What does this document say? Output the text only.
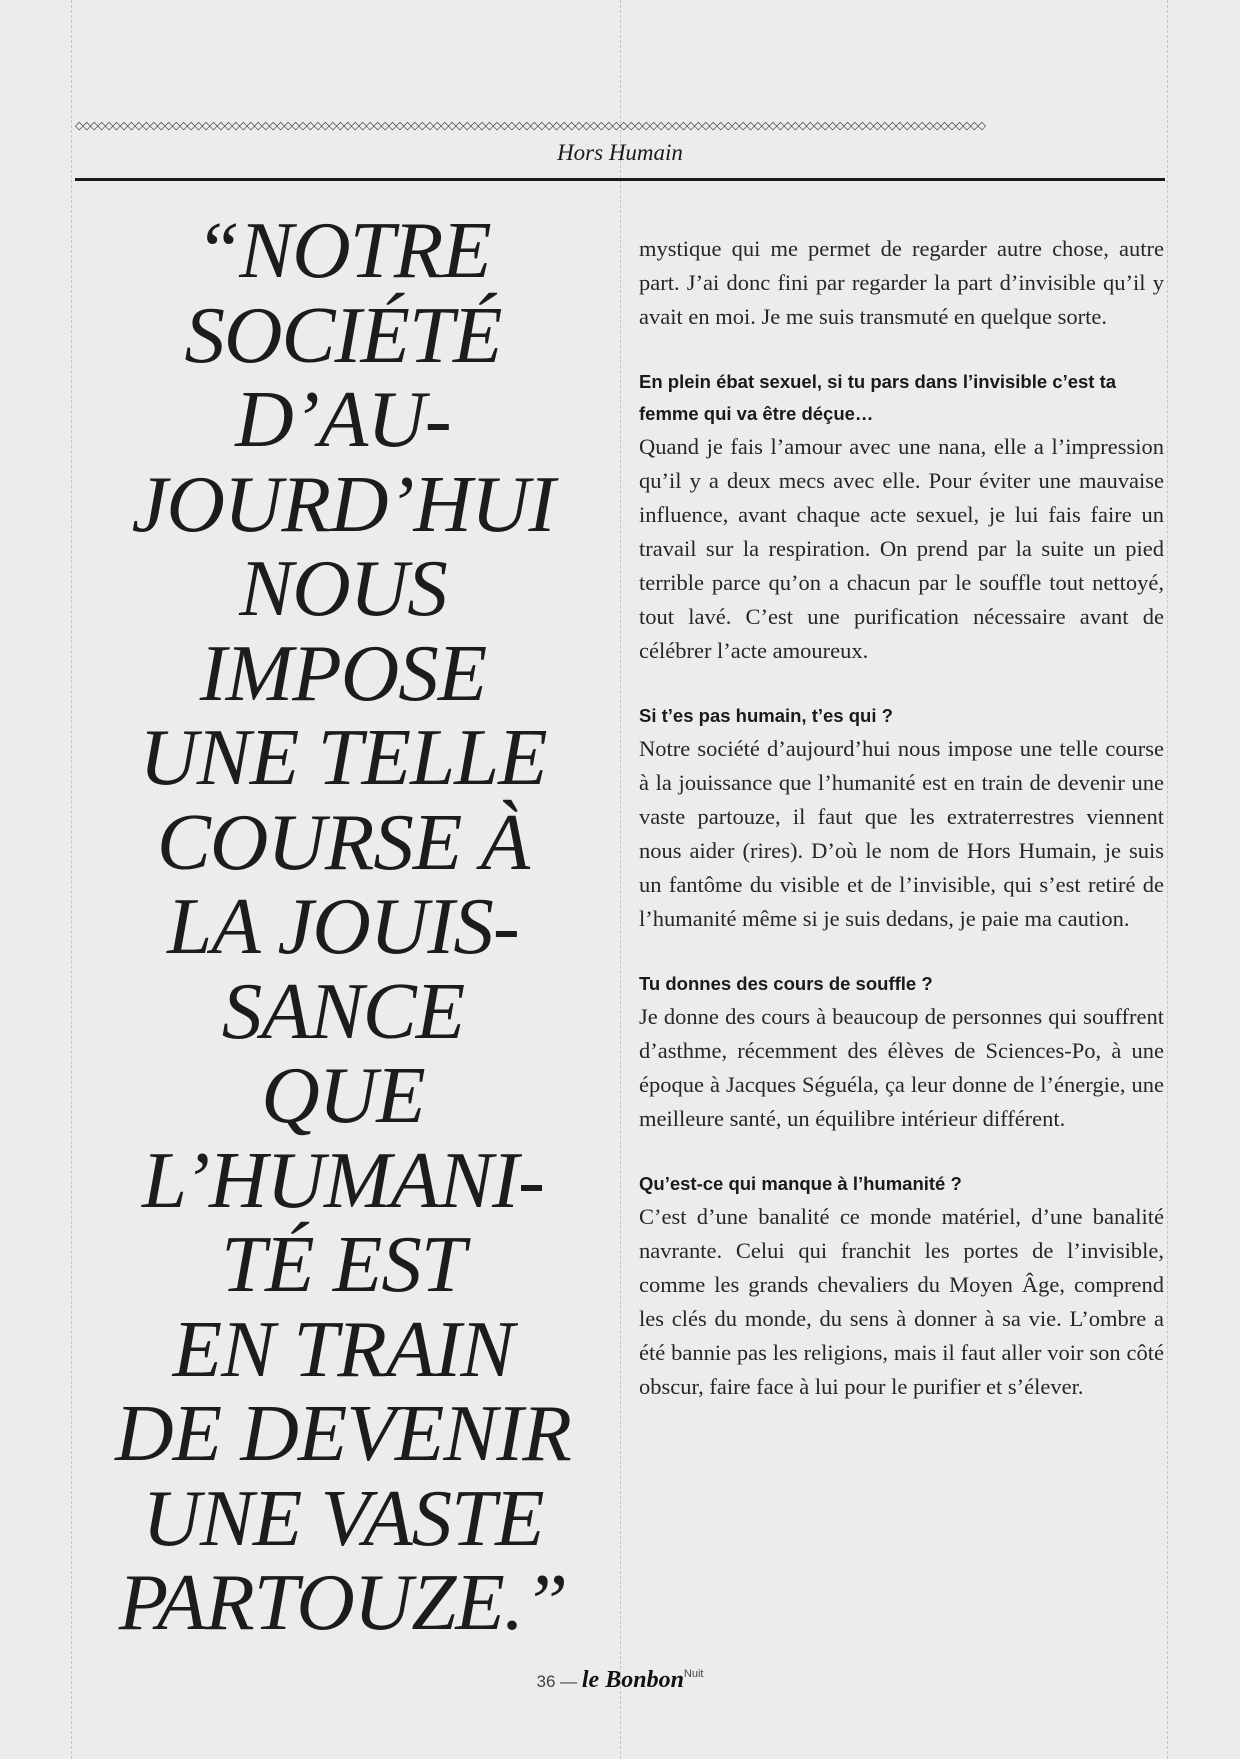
◇◇◇◇◇◇◇◇◇◇◇◇◇◇◇◇◇◇◇◇◇◇◇◇◇◇◇◇◇◇◇◇◇◇◇◇◇◇◇◇◇◇◇◇◇◇◇◇◇◇◇◇◇◇◇◇◇◇◇◇◇◇◇◇◇◇◇◇◇◇◇◇◇◇◇◇◇◇◇◇◇◇◇◇◇◇◇◇◇◇◇◇◇◇◇◇◇◇◇◇◇◇◇◇◇◇◇◇◇◇◇◇◇◇◇◇◇◇◇◇◇◇
Hors Humain
“NOTRE
SOCIÉTÉ
D’AU-
JOURD’HUI
NOUS
IMPOSE
UNE TELLE
COURSE À
LA JOUIS-
SANCE
QUE
L’HUMANI-
TÉ EST
EN TRAIN
DE DEVENIR
UNE VASTE
PARTOUZE.”

mystique qui me permet de regarder autre chose, autre part. J’ai donc fini par regarder la part d’invisible qu’il y avait en moi. Je me suis transmuté en quelque sorte.

En plein ébat sexuel, si tu pars dans l’invisible c’est ta femme qui va être déçue…

Quand je fais l’amour avec une nana, elle a l’impression qu’il y a deux mecs avec elle. Pour éviter une mauvaise influence, avant chaque acte sexuel, je lui fais faire un travail sur la respiration. On prend par la suite un pied terrible parce qu’on a chacun par le souffle tout nettoyé, tout lavé. C’est une purification nécessaire avant de célébrer l’acte amoureux.

Si t’es pas humain, t’es qui ?

Notre société d’aujourd’hui nous impose une telle course à la jouissance que l’humanité est en train de devenir une vaste partouze, il faut que les extraterrestres viennent nous aider (rires). D’où le nom de Hors Humain, je suis un fantôme du visible et de l’invisible, qui s’est retiré de l’humanité même si je suis dedans, je paie ma caution.

Tu donnes des cours de souffle ?

Je donne des cours à beaucoup de personnes qui souffrent d’asthme, récemment des élèves de Sciences-Po, à une époque à Jacques Séguéla, ça leur donne de l’énergie, une meilleure santé, un équilibre intérieur différent.

Qu’est-ce qui manque à l’humanité ?

C’est d’une banalité ce monde matériel, d’une banalité navrante. Celui qui franchit les portes de l’invisible, comme les grands chevaliers du Moyen Âge, comprend les clés du monde, du sens à donner à sa vie. L’ombre a été bannie pas les religions, mais il faut aller voir son côté obscur, faire face à lui pour le purifier et s’élever.

36 — le Bonbon$^{Nuit}$
